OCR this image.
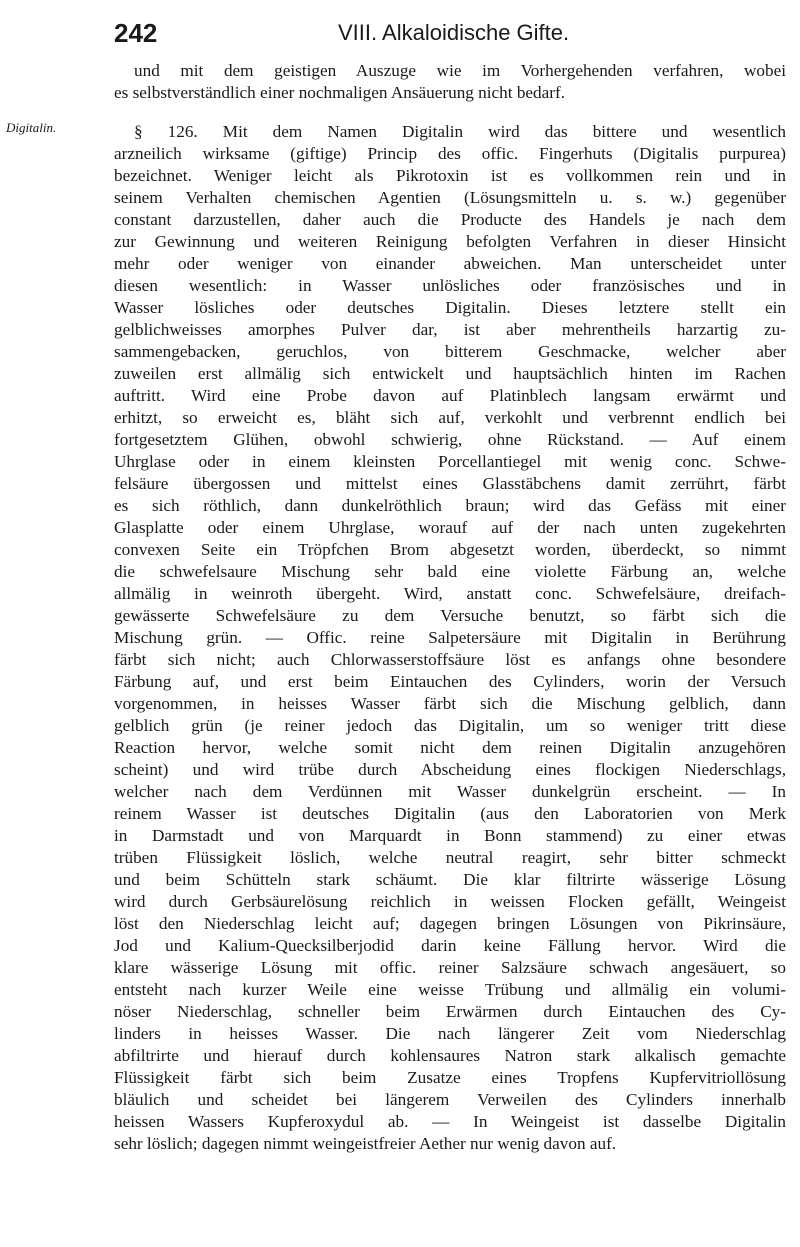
242	VIII. Alkaloidische Gifte.
Digitalin.
und mit dem geistigen Auszuge wie im Vorhergehenden verfahren, wobei
es selbstverständlich einer nochmaligen Ansäuerung nicht bedarf.
§ 126. Mit dem Namen Digitalin wird das bittere und wesentlich
arzneilich wirksame (giftige) Princip des offic. Fingerhuts (Digitalis purpurea)
bezeichnet. Weniger leicht als Pikrotoxin ist es vollkommen rein und in
seinem Verhalten chemischen Agentien (Lösungsmitteln u. s. w.) gegenüber
constant darzustellen, daher auch die Producte des Handels je nach dem
zur Gewinnung und weiteren Reinigung befolgten Verfahren in dieser Hinsicht
mehr oder weniger von einander abweichen. Man unterscheidet unter
diesen wesentlich: in Wasser unlösliches oder französisches und in
Wasser lösliches oder deutsches Digitalin. Dieses letztere stellt ein
gelblichweisses amorphes Pulver dar, ist aber mehrentheils harzartig zu-
sammengebacken, geruchlos, von bitterem Geschmacke, welcher aber
zuweilen erst allmälig sich entwickelt und hauptsächlich hinten im Rachen
auftritt. Wird eine Probe davon auf Platinblech langsam erwärmt und
erhitzt, so erweicht es, bläht sich auf, verkohlt und verbrennt endlich bei
fortgesetztem Glühen, obwohl schwierig, ohne Rückstand. — Auf einem
Uhrglase oder in einem kleinsten Porcellantiegel mit wenig conc. Schwe-
felsäure übergossen und mittelst eines Glasstäbchens damit zerrührt, färbt
es sich röthlich, dann dunkelröthlich braun; wird das Gefäss mit einer
Glasplatte oder einem Uhrglase, worauf auf der nach unten zugekehrten
convexen Seite ein Tröpfchen Brom abgesetzt worden, überdeckt, so nimmt
die schwefelsaure Mischung sehr bald eine violette Färbung an, welche
allmälig in weinroth übergeht. Wird, anstatt conc. Schwefelsäure, dreifach-
gewässerte Schwefelsäure zu dem Versuche benutzt, so färbt sich die
Mischung grün. — Offic. reine Salpetersäure mit Digitalin in Berührung
färbt sich nicht; auch Chlorwasserstoffsäure löst es anfangs ohne besondere
Färbung auf, und erst beim Eintauchen des Cylinders, worin der Versuch
vorgenommen, in heisses Wasser färbt sich die Mischung gelblich, dann
gelblich grün (je reiner jedoch das Digitalin, um so weniger tritt diese
Reaction hervor, welche somit nicht dem reinen Digitalin anzugehören
scheint) und wird trübe durch Abscheidung eines flockigen Niederschlags,
welcher nach dem Verdünnen mit Wasser dunkelgrün erscheint. — In
reinem Wasser ist deutsches Digitalin (aus den Laboratorien von Merk
in Darmstadt und von Marquardt in Bonn stammend) zu einer etwas
trüben Flüssigkeit löslich, welche neutral reagirt, sehr bitter schmeckt
und beim Schütteln stark schäumt. Die klar filtrirte wässerige Lösung
wird durch Gerbsäurelösung reichlich in weissen Flocken gefällt, Weingeist
löst den Niederschlag leicht auf; dagegen bringen Lösungen von Pikrinsäure,
Jod und Kalium-Quecksilberjodid darin keine Fällung hervor. Wird die
klare wässerige Lösung mit offic. reiner Salzsäure schwach angesäuert, so
entsteht nach kurzer Weile eine weisse Trübung und allmälig ein volumi-
nöser Niederschlag, schneller beim Erwärmen durch Eintauchen des Cy-
linders in heisses Wasser. Die nach längerer Zeit vom Niederschlag
abfiltrirte und hierauf durch kohlensaures Natron stark alkalisch gemachte
Flüssigkeit färbt sich beim Zusatze eines Tropfens Kupfervitriollösung
bläulich und scheidet bei längerem Verweilen des Cylinders innerhalb
heissen Wassers Kupferoxydul ab. — In Weingeist ist dasselbe Digitalin
sehr löslich; dagegen nimmt weingeistfreier Aether nur wenig davon auf.
